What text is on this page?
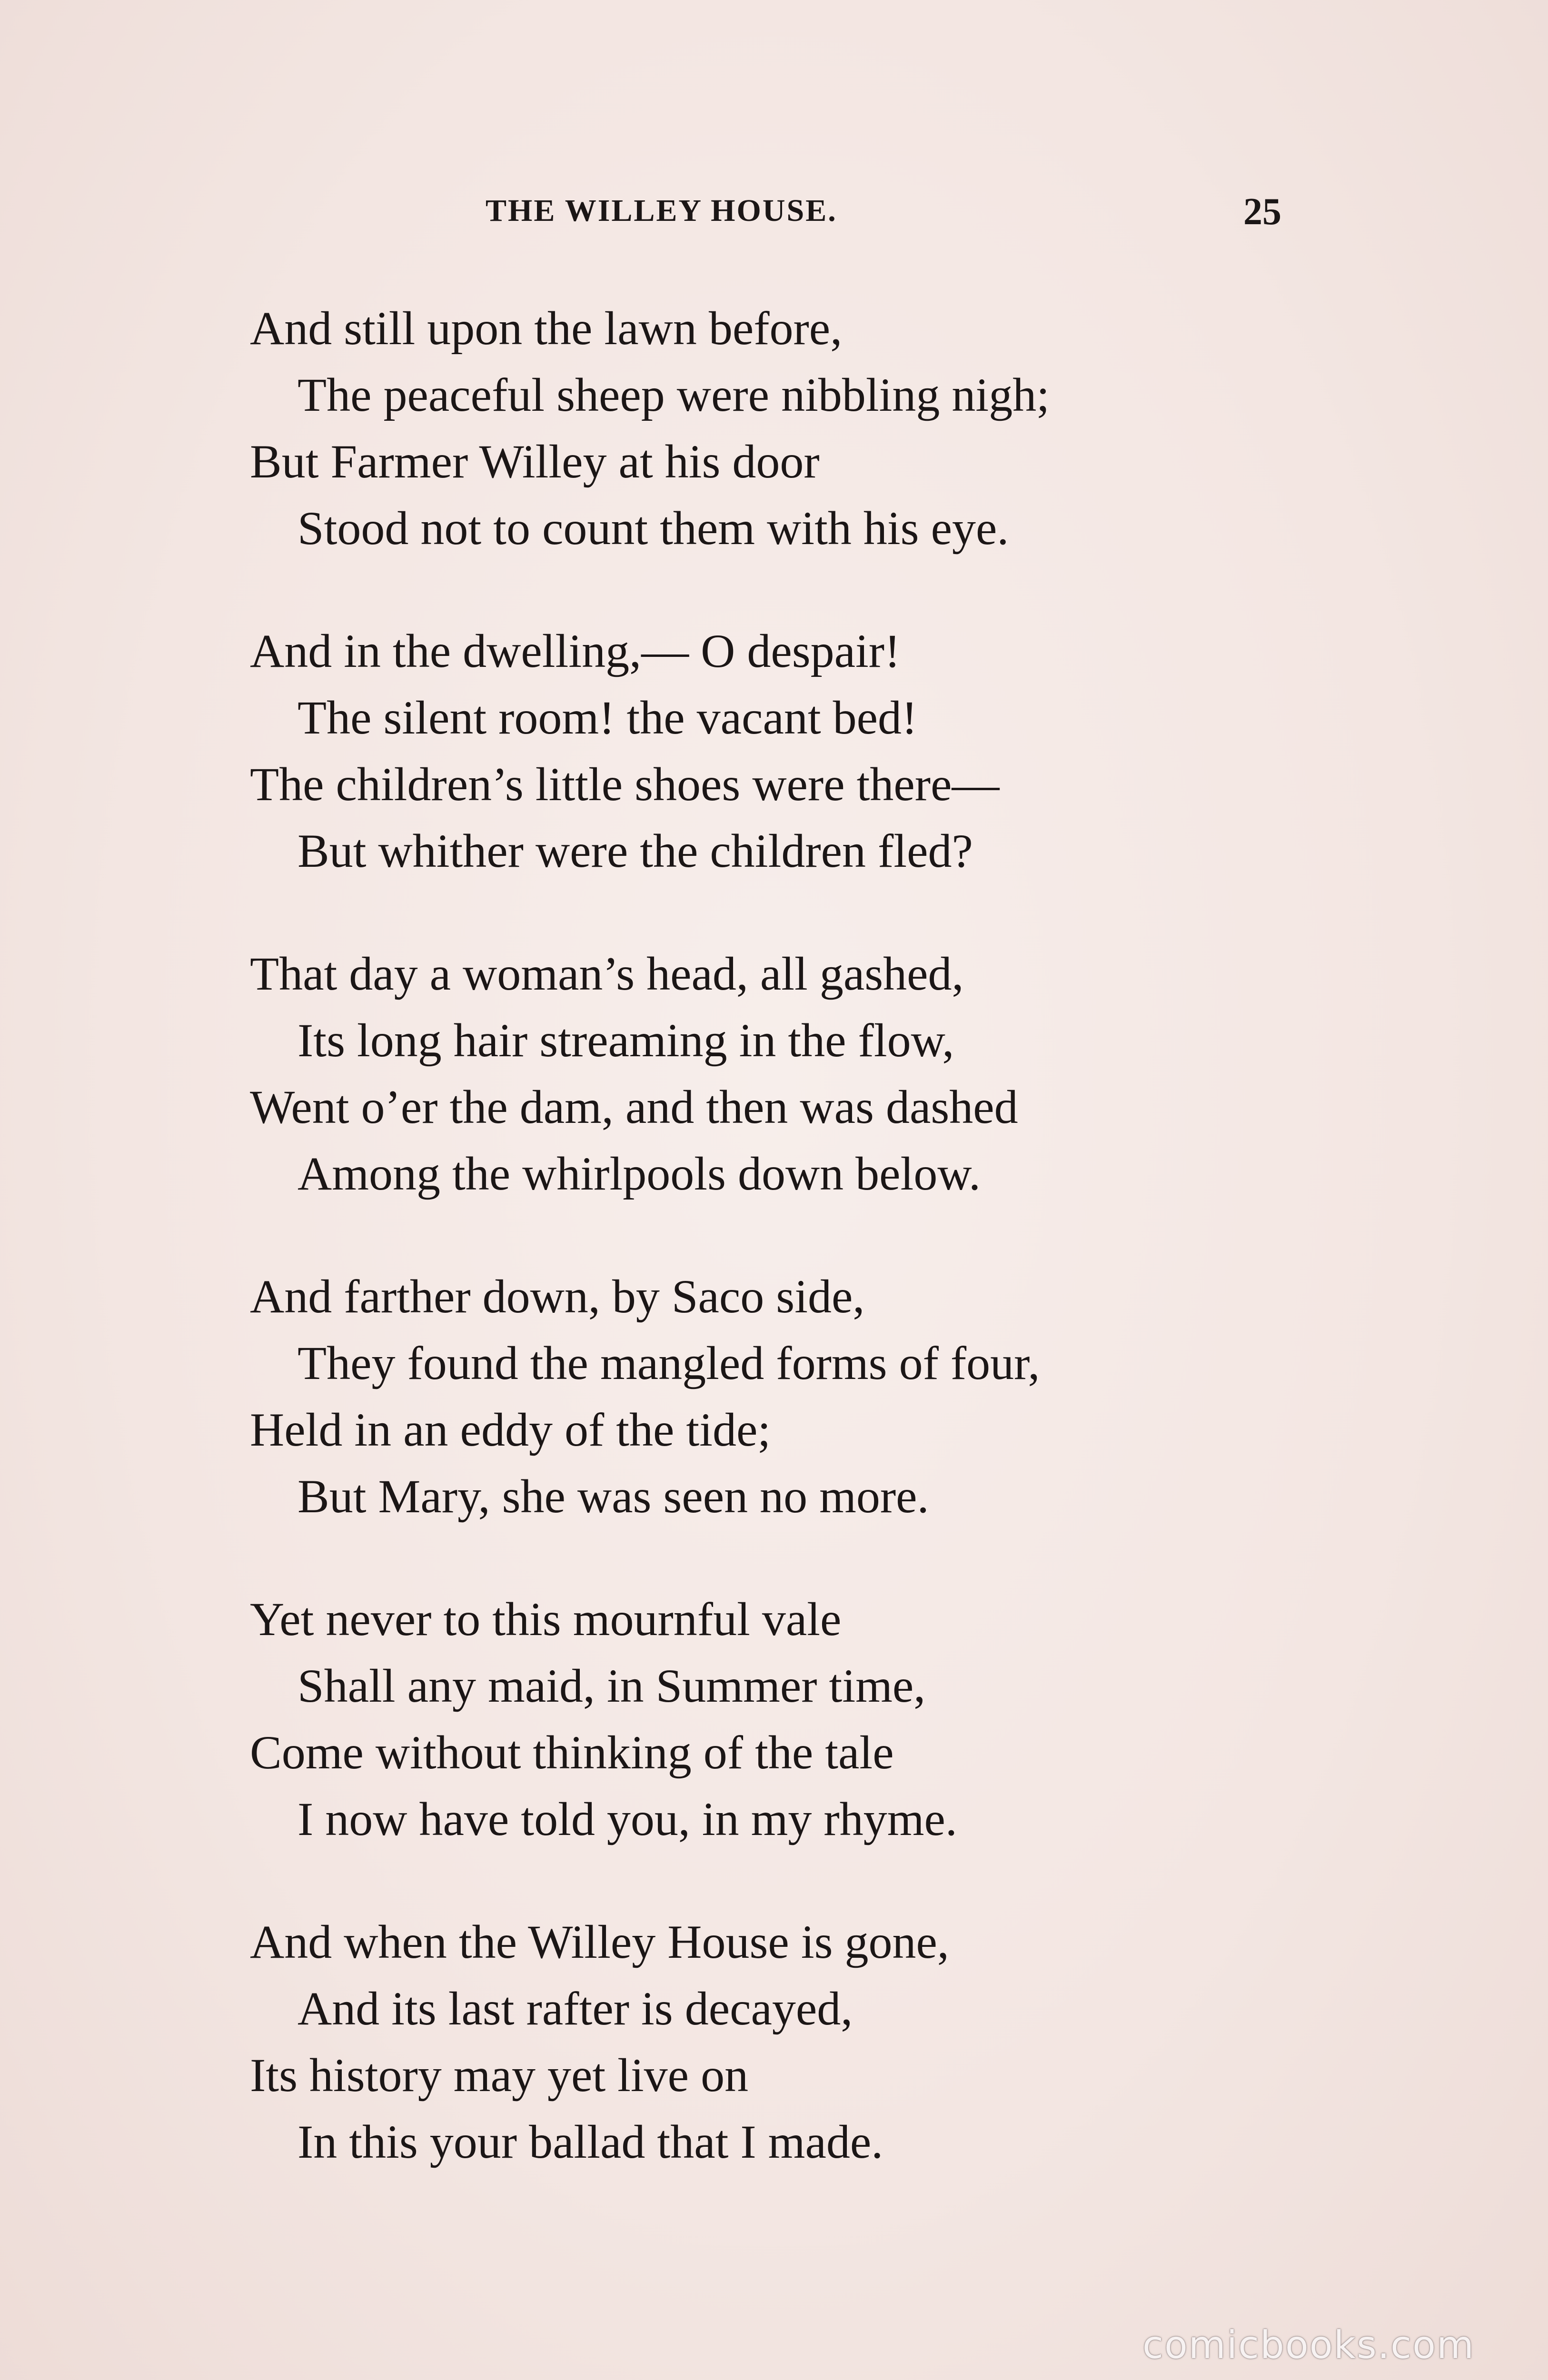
THE WILLEY HOUSE.	25
And still upon the lawn before,
The peaceful sheep were nibbling nigh;
But Farmer Willey at his door
Stood not to count them with his eye.
And in the dwelling,— O despair!
The silent room! the vacant bed!
The children’s little shoes were there—
But whither were the children fled?
That day a woman’s head, all gashed,
Its long hair streaming in the flow,
Went o’er the dam, and then was dashed
Among the whirlpools down below.
And farther down, by Saco side,
They found the mangled forms of four,
Held in an eddy of the tide;
But Mary, she was seen no more.
Yet never to this mournful vale
Shall any maid, in Summer time,
Come without thinking of the tale
I now have told you, in my rhyme.
And when the Willey House is gone,
And its last rafter is decayed,
Its history may yet live on
In this your ballad that I made.
comicbooks.com
